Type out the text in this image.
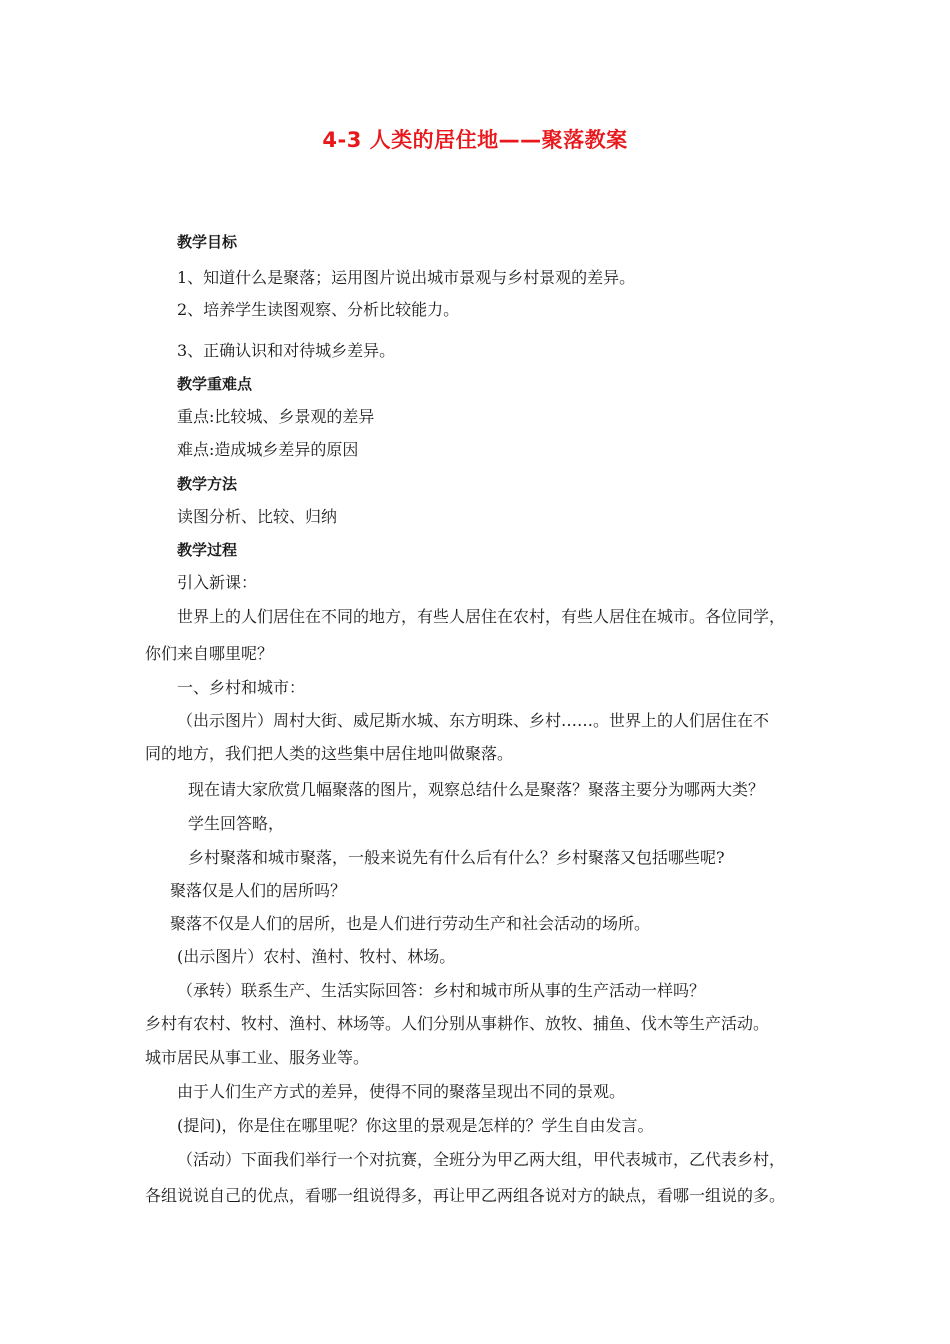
4-3 人类的居住地——聚落教案
教学目标
1、知道什么是聚落；运用图片说出城市景观与乡村景观的差异。
2、培养学生读图观察、分析比较能力。
3、正确认识和对待城乡差异。
教学重难点
重点:比较城、乡景观的差异
难点:造成城乡差异的原因
教学方法
读图分析、比较、归纳
教学过程
引入新课：
世界上的人们居住在不同的地方，有些人居住在农村，有些人居住在城市。各位同学，
你们来自哪里呢？
一、乡村和城市：
（出示图片）周村大街、威尼斯水城、东方明珠、乡村……。世界上的人们居住在不
同的地方，我们把人类的这些集中居住地叫做聚落。
现在请大家欣赏几幅聚落的图片，观察总结什么是聚落？聚落主要分为哪两大类？
学生回答略，
乡村聚落和城市聚落，一般来说先有什么后有什么？乡村聚落又包括哪些呢?
聚落仅是人们的居所吗？
聚落不仅是人们的居所，也是人们进行劳动生产和社会活动的场所。
(出示图片）农村、渔村、牧村、林场。
（承转）联系生产、生活实际回答：乡村和城市所从事的生产活动一样吗？
乡村有农村、牧村、渔村、林场等。人们分别从事耕作、放牧、捕鱼、伐木等生产活动。
城市居民从事工业、服务业等。
由于人们生产方式的差异，使得不同的聚落呈现出不同的景观。
(提问)，你是住在哪里呢？你这里的景观是怎样的？学生自由发言。
（活动）下面我们举行一个对抗赛，全班分为甲乙两大组，甲代表城市，乙代表乡村，
各组说说自己的优点，看哪一组说得多，再让甲乙两组各说对方的缺点，看哪一组说的多。
